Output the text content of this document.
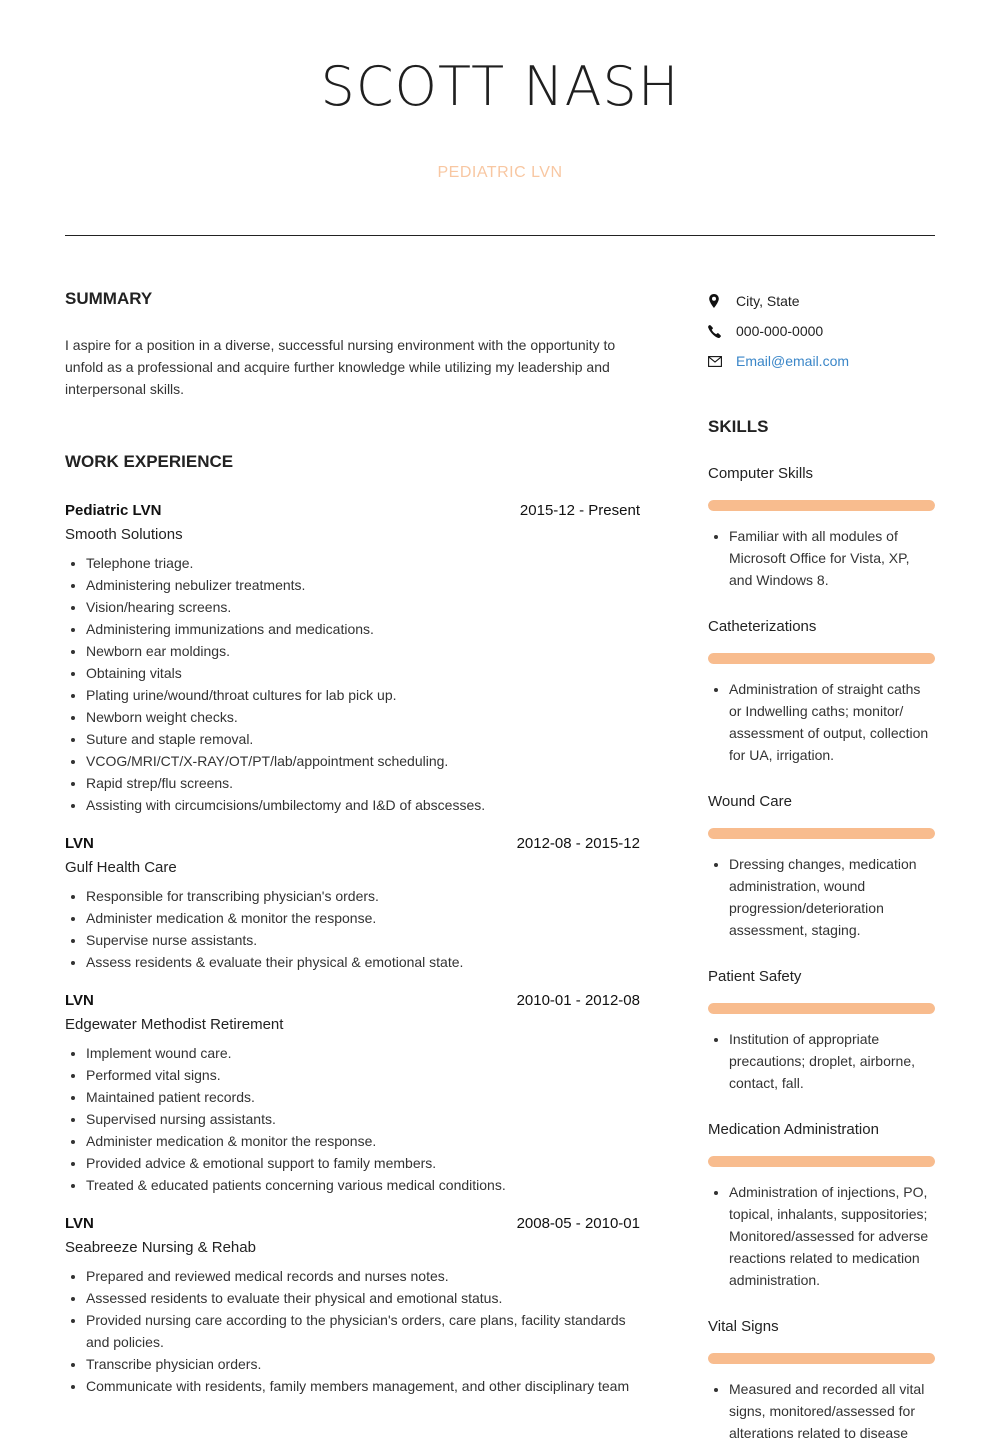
SCOTT NASH
PEDIATRIC LVN
SUMMARY

I aspire for a position in a diverse, successful nursing environment with the opportunity to unfold as a professional and acquire further knowledge while utilizing my leadership and interpersonal skills.

WORK EXPERIENCE
Pediatric LVN	2015-12 - Present
Smooth Solutions
• Telephone triage.
• Administering nebulizer treatments.
• Vision/hearing screens.
• Administering immunizations and medications.
• Newborn ear moldings.
• Obtaining vitals
• Plating urine/wound/throat cultures for lab pick up.
• Newborn weight checks.
• Suture and staple removal.
• VCOG/MRI/CT/X-RAY/OT/PT/lab/appointment scheduling.
• Rapid strep/flu screens.
• Assisting with circumcisions/umbilectomy and I&D of abscesses.
LVN	2012-08 - 2015-12
Gulf Health Care
• Responsible for transcribing physician's orders.
• Administer medication & monitor the response.
• Supervise nurse assistants.
• Assess residents & evaluate their physical & emotional state.
LVN	2010-01 - 2012-08
Edgewater Methodist Retirement
• Implement wound care.
• Performed vital signs.
• Maintained patient records.
• Supervised nursing assistants.
• Administer medication & monitor the response.
• Provided advice & emotional support to family members.
• Treated & educated patients concerning various medical conditions.
LVN	2008-05 - 2010-01
Seabreeze Nursing & Rehab
• Prepared and reviewed medical records and nurses notes.
• Assessed residents to evaluate their physical and emotional status.
• Provided nursing care according to the physician's orders, care plans, facility standards and policies.
• Transcribe physician orders.
• Communicate with residents, family members management, and other disciplinary team
City, State
000-000-0000
Email@email.com
SKILLS
Computer Skills
• Familiar with all modules of Microsoft Office for Vista, XP, and Windows 8.
Catheterizations
• Administration of straight caths or Indwelling caths; monitor/ assessment of output, collection for UA, irrigation.
Wound Care
• Dressing changes, medication administration, wound progression/deterioration assessment, staging.
Patient Safety
• Institution of appropriate precautions; droplet, airborne, contact, fall.
Medication Administration
• Administration of injections, PO, topical, inhalants, suppositories; Monitored/assessed for adverse reactions related to medication administration.
Vital Signs
• Measured and recorded all vital signs, monitored/assessed for alterations related to disease
